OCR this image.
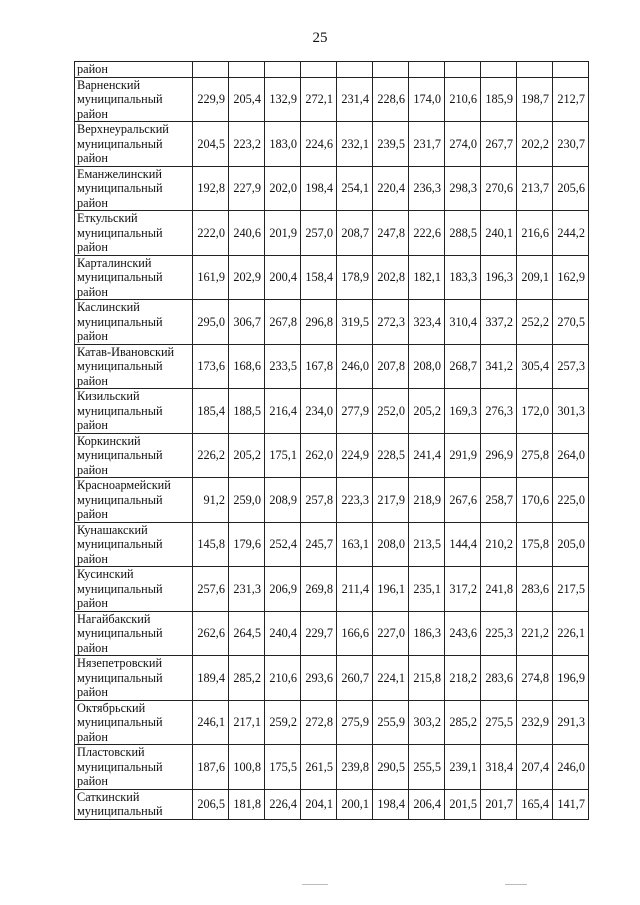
25
район											

Варненский
муниципальный
район	229,9	205,4	132,9	272,1	231,4	228,6	174,0	210,6	185,9	198,7	212,7

Верхнеуральский
муниципальный
район	204,5	223,2	183,0	224,6	232,1	239,5	231,7	274,0	267,7	202,2	230,7

Еманжелинский
муниципальный
район	192,8	227,9	202,0	198,4	254,1	220,4	236,3	298,3	270,6	213,7	205,6

Еткульский
муниципальный
район	222,0	240,6	201,9	257,0	208,7	247,8	222,6	288,5	240,1	216,6	244,2

Карталинский
муниципальный
район	161,9	202,9	200,4	158,4	178,9	202,8	182,1	183,3	196,3	209,1	162,9

Каслинский
муниципальный
район	295,0	306,7	267,8	296,8	319,5	272,3	323,4	310,4	337,2	252,2	270,5

Катав-Ивановский
муниципальный
район	173,6	168,6	233,5	167,8	246,0	207,8	208,0	268,7	341,2	305,4	257,3

Кизильский
муниципальный
район	185,4	188,5	216,4	234,0	277,9	252,0	205,2	169,3	276,3	172,0	301,3

Коркинский
муниципальный
район	226,2	205,2	175,1	262,0	224,9	228,5	241,4	291,9	296,9	275,8	264,0

Красноармейский
муниципальный
район	91,2	259,0	208,9	257,8	223,3	217,9	218,9	267,6	258,7	170,6	225,0

Кунашакский
муниципальный
район	145,8	179,6	252,4	245,7	163,1	208,0	213,5	144,4	210,2	175,8	205,0

Кусинский
муниципальный
район	257,6	231,3	206,9	269,8	211,4	196,1	235,1	317,2	241,8	283,6	217,5

Нагайбакский
муниципальный
район	262,6	264,5	240,4	229,7	166,6	227,0	186,3	243,6	225,3	221,2	226,1

Нязепетровский
муниципальный
район	189,4	285,2	210,6	293,6	260,7	224,1	215,8	218,2	283,6	274,8	196,9

Октябрьский
муниципальный
район	246,1	217,1	259,2	272,8	275,9	255,9	303,2	285,2	275,5	232,9	291,3

Пластовский
муниципальный
район	187,6	100,8	175,5	261,5	239,8	290,5	255,5	239,1	318,4	207,4	246,0

Саткинский
муниципальный	206,5	181,8	226,4	204,1	200,1	198,4	206,4	201,5	201,7	165,4	141,7
